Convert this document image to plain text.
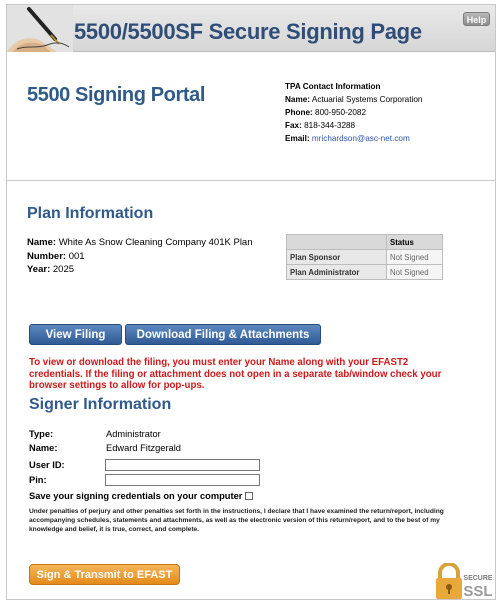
5500/5500SF Secure Signing Page	Help
5500 Signing Portal	TPA Contact Information
Name: Actuarial Systems Corporation
Phone: 800-950-2082
Fax: 818-344-3288
Email: mrichardson@asc-net.com
Plan Information
Name: White As Snow Cleaning Company 401K Plan
Number: 001
Year: 2025
	Status
Plan Sponsor	Not Signed
Plan Administrator	Not Signed
View Filing	Download Filing & Attachments
To view or download the filing, you must enter your Name along with your EFAST2 credentials. If the filing or attachment does not open in a separate tab/window check your browser settings to allow for pop-ups.
Signer Information
Type:	Administrator
Name:	Edward Fitzgerald
User ID:
Pin:
Save your signing credentials on your computer
Under penalties of perjury and other penalties set forth in the instructions, I declare that I have examined the return/report, including accompanying schedules, statements and attachments, as well as the electronic version of this return/report, and to the best of my knowledge and belief, it is true, correct, and complete.
Sign & Transmit to EFAST	SECURE
SSL
